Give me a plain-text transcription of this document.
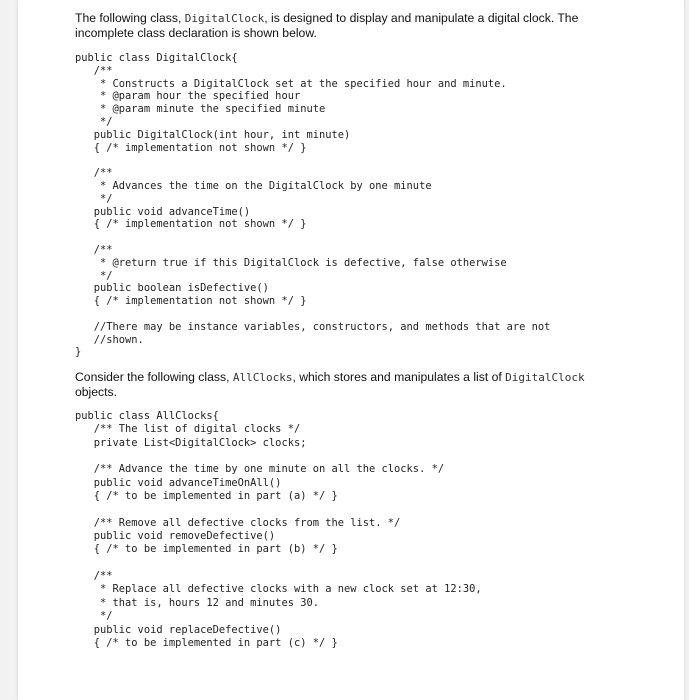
The following class, DigitalClock, is designed to display and manipulate a digital clock. The incomplete class declaration is shown below.

public class DigitalClock{
/**
* Constructs a DigitalClock set at the specified hour and minute.
* @param hour the specified hour
* @param minute the specified minute
*/
public DigitalClock(int hour, int minute)
{ /* implementation not shown */ }
/**
* Advances the time on the DigitalClock by one minute
*/
public void advanceTime()
{ /* implementation not shown */ }
/**
* @return true if this DigitalClock is defective, false otherwise
*/
public boolean isDefective()
{ /* implementation not shown */ }
//There may be instance variables, constructors, and methods that are not
//shown.
}

Consider the following class, AllClocks, which stores and manipulates a list of DigitalClock objects.

public class AllClocks{
/** The list of digital clocks */
private List<DigitalClock> clocks;
/** Advance the time by one minute on all the clocks. */
public void advanceTimeOnAll()
{ /* to be implemented in part (a) */ }
/** Remove all defective clocks from the list. */
public void removeDefective()
{ /* to be implemented in part (b) */ }
/**
* Replace all defective clocks with a new clock set at 12:30,
* that is, hours 12 and minutes 30.
*/
public void replaceDefective()
{ /* to be implemented in part (c) */ }
